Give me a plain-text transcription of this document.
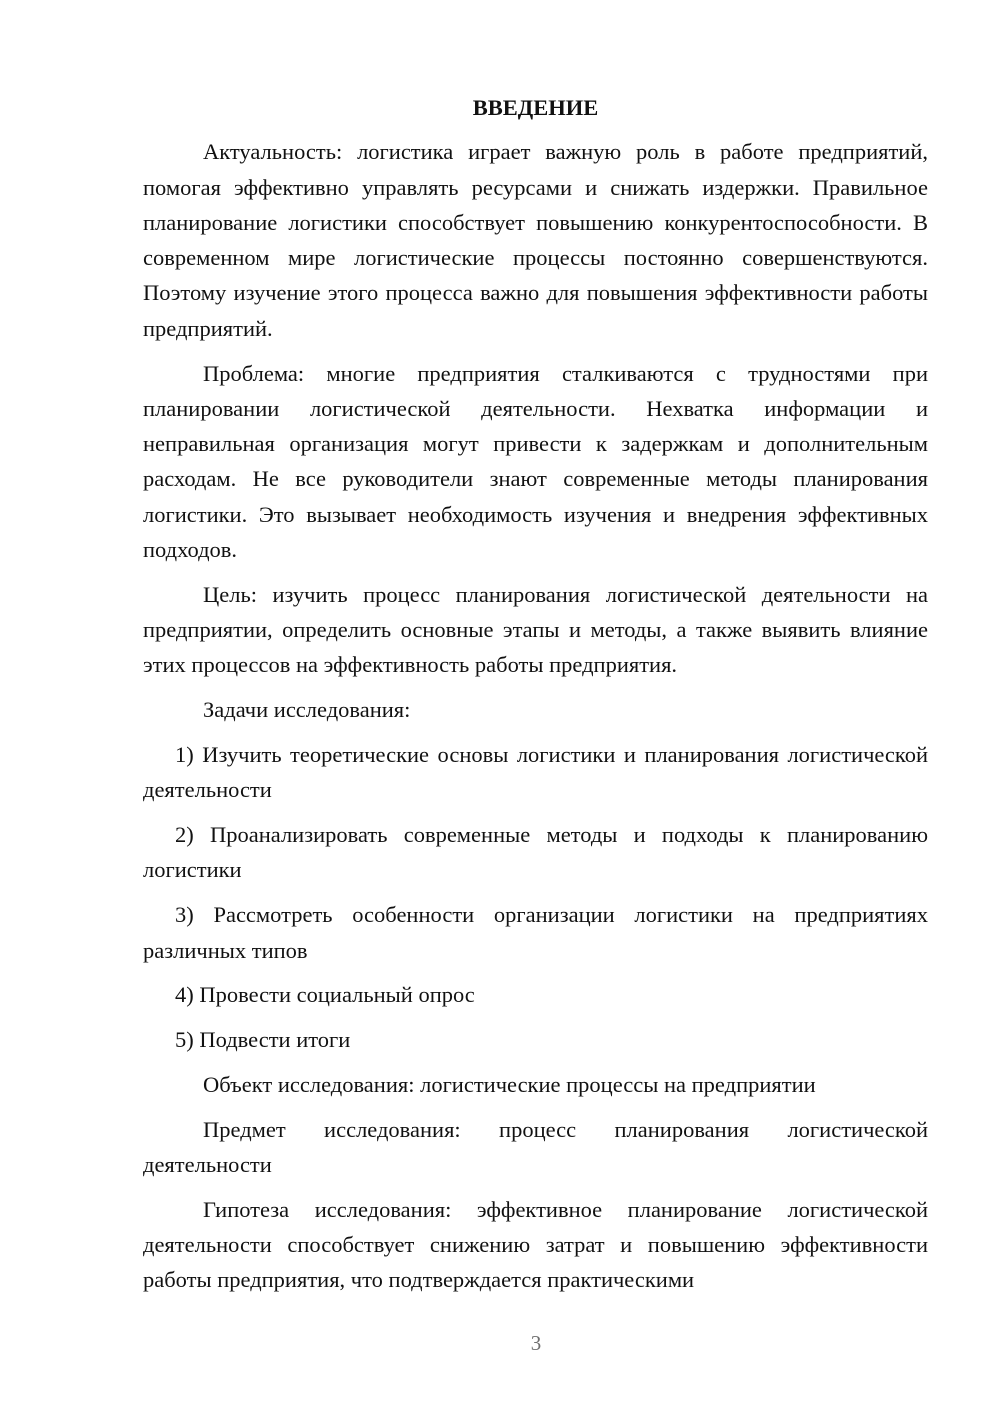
ВВЕДЕНИЕ

Актуальность: логистика играет важную роль в работе предприятий, помогая эффективно управлять ресурсами и снижать издержки. Правильное планирование логистики способствует повышению конкурентоспособности. В современном мире логистические процессы постоянно совершенствуются. Поэтому изучение этого процесса важно для повышения эффективности работы предприятий.

Проблема: многие предприятия сталкиваются с трудностями при планировании логистической деятельности. Нехватка информации и неправильная организация могут привести к задержкам и дополнительным расходам. Не все руководители знают современные методы планирования логистики. Это вызывает необходимость изучения и внедрения эффективных подходов.

Цель: изучить процесс планирования логистической деятельности на предприятии, определить основные этапы и методы, а также выявить влияние этих процессов на эффективность работы предприятия.

Задачи исследования:

1) Изучить теоретические основы логистики и планирования логистической деятельности

2) Проанализировать современные методы и подходы к планированию логистики

3) Рассмотреть особенности организации логистики на предприятиях различных типов

4) Провести социальный опрос

5) Подвести итоги

Объект исследования: логистические процессы на предприятии

Предмет исследования: процесс планирования логистической деятельности

Гипотеза исследования: эффективное планирование логистической деятельности способствует снижению затрат и повышению эффективности работы предприятия, что подтверждается практическими

3
